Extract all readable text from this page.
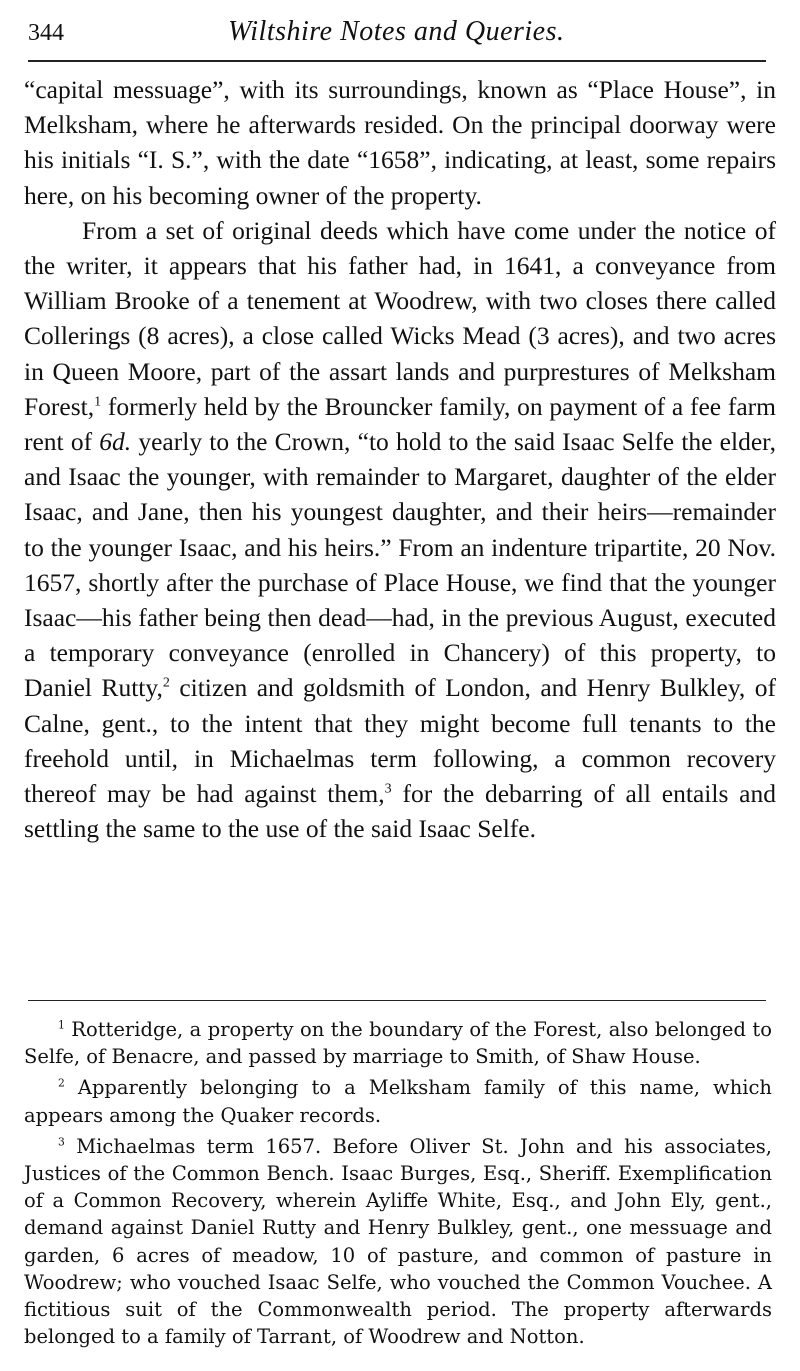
344	Wiltshire Notes and Queries.

“capital messuage”, with its surroundings, known as “Place House”, in Melksham, where he afterwards resided. On the principal doorway were his initials “I. S.”, with the date “1658”, indicating, at least, some repairs here, on his becoming owner of the property.

From a set of original deeds which have come under the notice of the writer, it appears that his father had, in 1641, a conveyance from William Brooke of a tenement at Woodrew, with two closes there called Collerings (8 acres), a close called Wicks Mead (3 acres), and two acres in Queen Moore, part of the assart lands and purprestures of Melksham Forest,$^1$ formerly held by the Brouncker family, on payment of a fee farm rent of 6d. yearly to the Crown, “to hold to the said Isaac Selfe the elder, and Isaac the younger, with remainder to Margaret, daughter of the elder Isaac, and Jane, then his youngest daughter, and their heirs—remainder to the younger Isaac, and his heirs.” From an indenture tripartite, 20 Nov. 1657, shortly after the purchase of Place House, we find that the younger Isaac—his father being then dead—had, in the previous August, executed a temporary conveyance (enrolled in Chancery) of this property, to Daniel Rutty,$^2$ citizen and goldsmith of London, and Henry Bulkley, of Calne, gent., to the intent that they might become full tenants to the freehold until, in Michaelmas term following, a common recovery thereof may be had against them,$^3$ for the debarring of all entails and settling the same to the use of the said Isaac Selfe.

$^1$ Rotteridge, a property on the boundary of the Forest, also belonged to Selfe, of Benacre, and passed by marriage to Smith, of Shaw House.

$^2$ Apparently belonging to a Melksham family of this name, which appears among the Quaker records.

$^3$ Michaelmas term 1657. Before Oliver St. John and his associates, Justices of the Common Bench. Isaac Burges, Esq., Sheriff. Exemplification of a Common Recovery, wherein Ayliffe White, Esq., and John Ely, gent., demand against Daniel Rutty and Henry Bulkley, gent., one messuage and garden, 6 acres of meadow, 10 of pasture, and common of pasture in Woodrew; who vouched Isaac Selfe, who vouched the Common Vouchee. A fictitious suit of the Commonwealth period. The property afterwards belonged to a family of Tarrant, of Woodrew and Notton.
